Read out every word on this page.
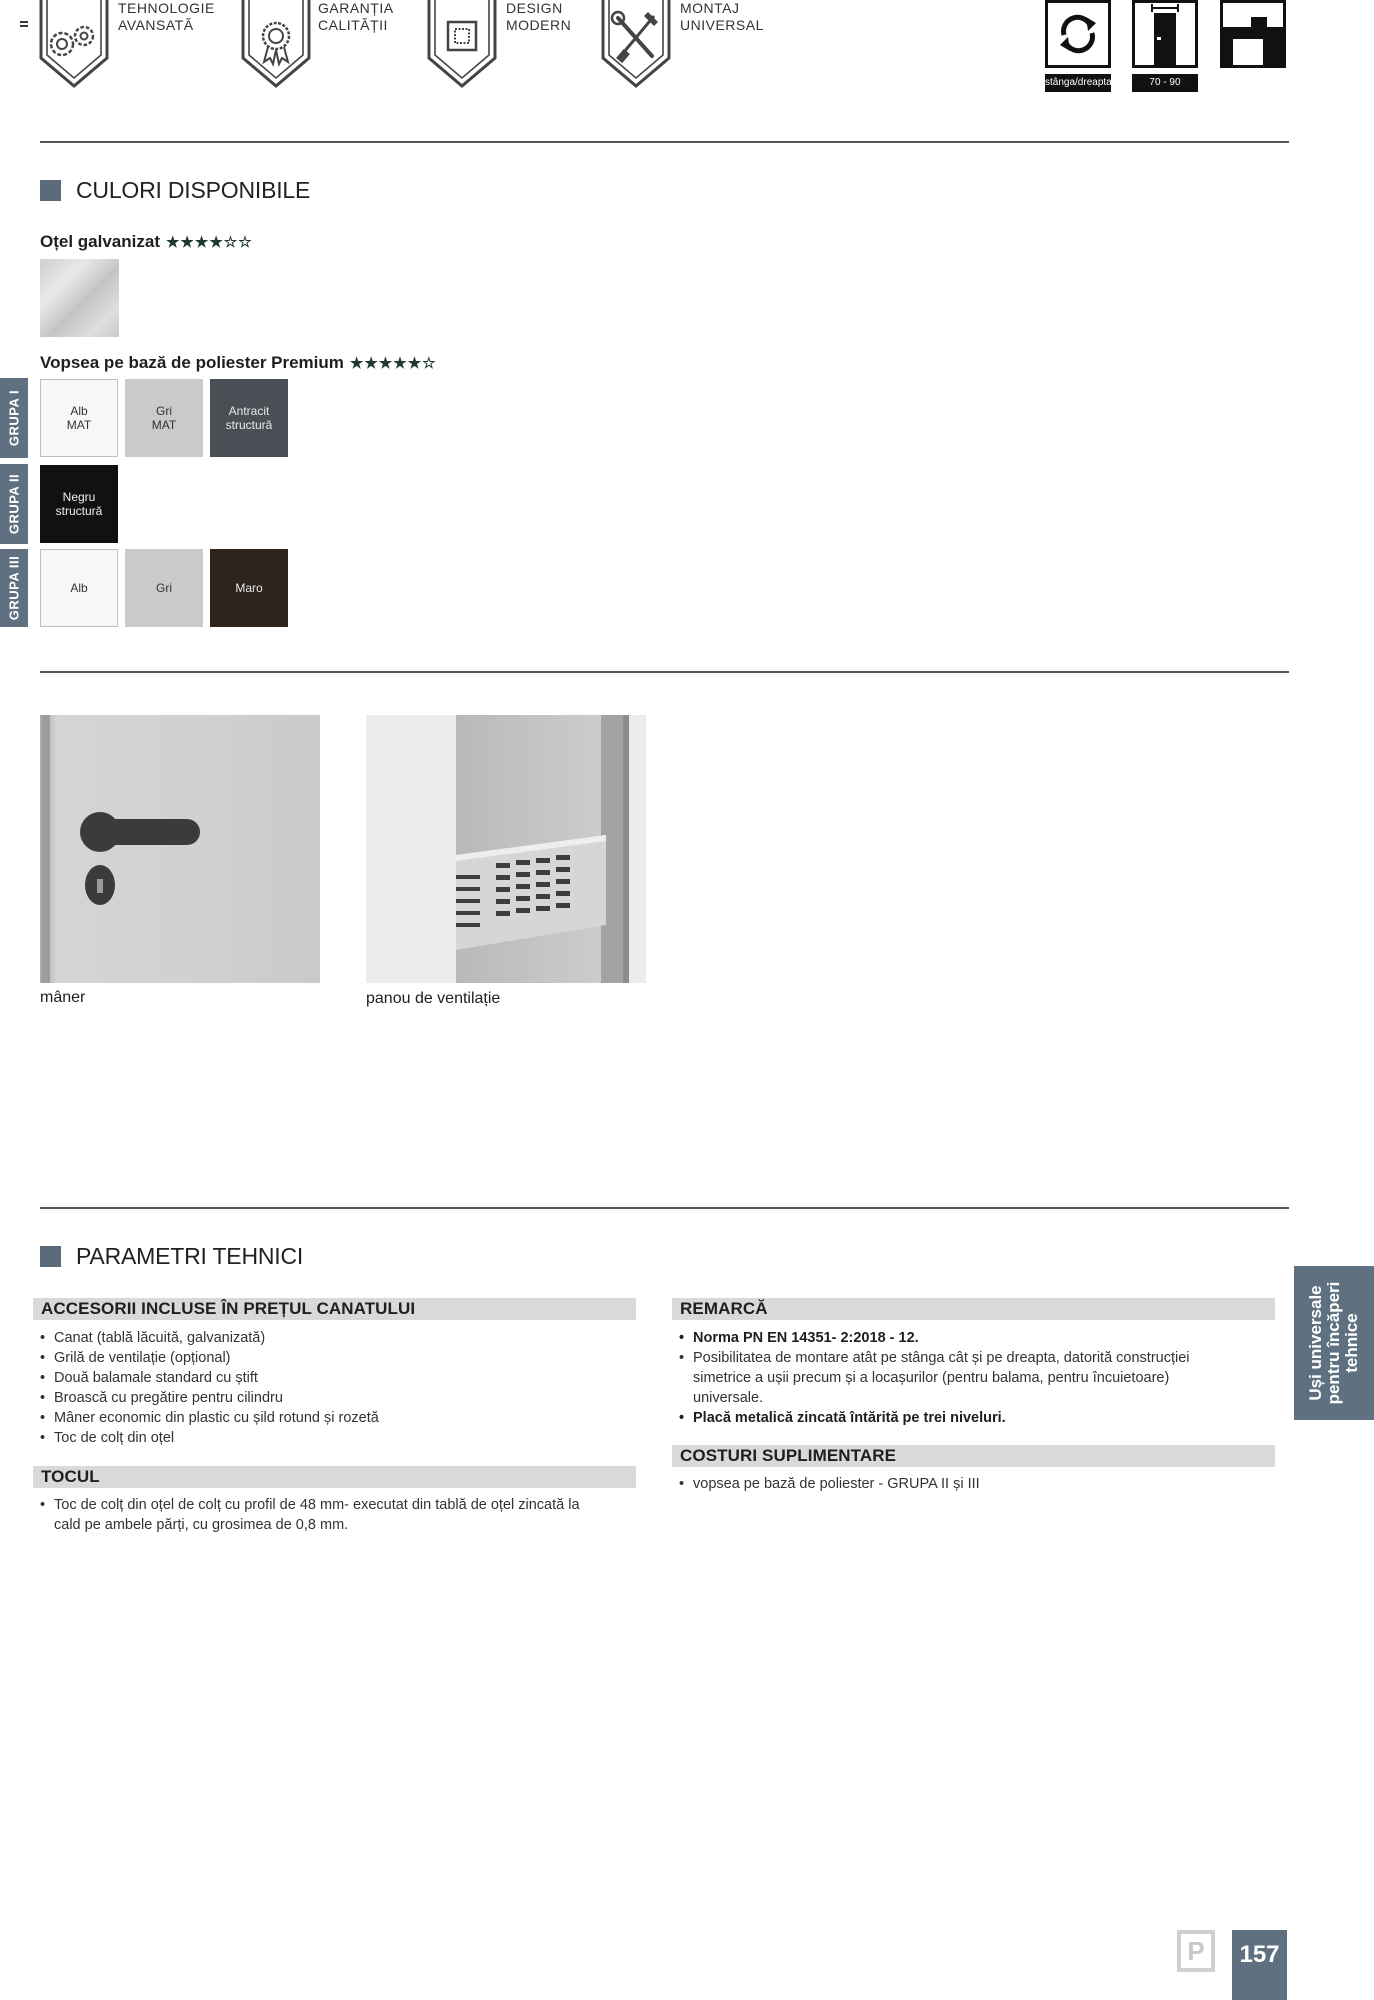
TEHNOLOGIE
AVANSATĂ
GARANȚIA
CALITĂȚII
DESIGN
MODERN
MONTAJ
UNIVERSAL
stânga/dreapta	70 - 90
CULORI DISPONIBILE
Oțel galvanizat ★★★★☆☆
Vopsea pe bază de poliester Premium ★★★★★☆
GRUPA I
GRUPA II
GRUPA III
Alb
MAT
Gri
MAT
Antracit
structură
Negru
structură
Alb	Gri	Maro
mâner	panou de ventilație
PARAMETRI TEHNICI
ACCESORII INCLUSE ÎN PREȚUL CANATULUI
• Canat (tablă lăcuită, galvanizată)
• Grilă de ventilație (opțional)
• Două balamale standard cu știft
• Broască cu pregătire pentru cilindru
• Mâner economic din plastic cu șild rotund și rozetă
• Toc de colț din oțel
TOCUL
• Toc de colț din oțel de colț cu profil de 48 mm- executat din tablă de oțel zincată la
cald pe ambele părți, cu grosimea de 0,8 mm.
REMARCĂ
• Norma PN EN 14351- 2:2018 - 12.
• Posibilitatea de montare atât pe stânga cât și pe dreapta, datorită construcției
simetrice a ușii precum și a locașurilor (pentru balama, pentru încuietoare)
universale.
• Placă metalică zincată întărită pe trei niveluri.
COSTURI SUPLIMENTARE
• vopsea pe bază de poliester - GRUPA II și III
Uși universale pentru încăperi tehnice
P	157
